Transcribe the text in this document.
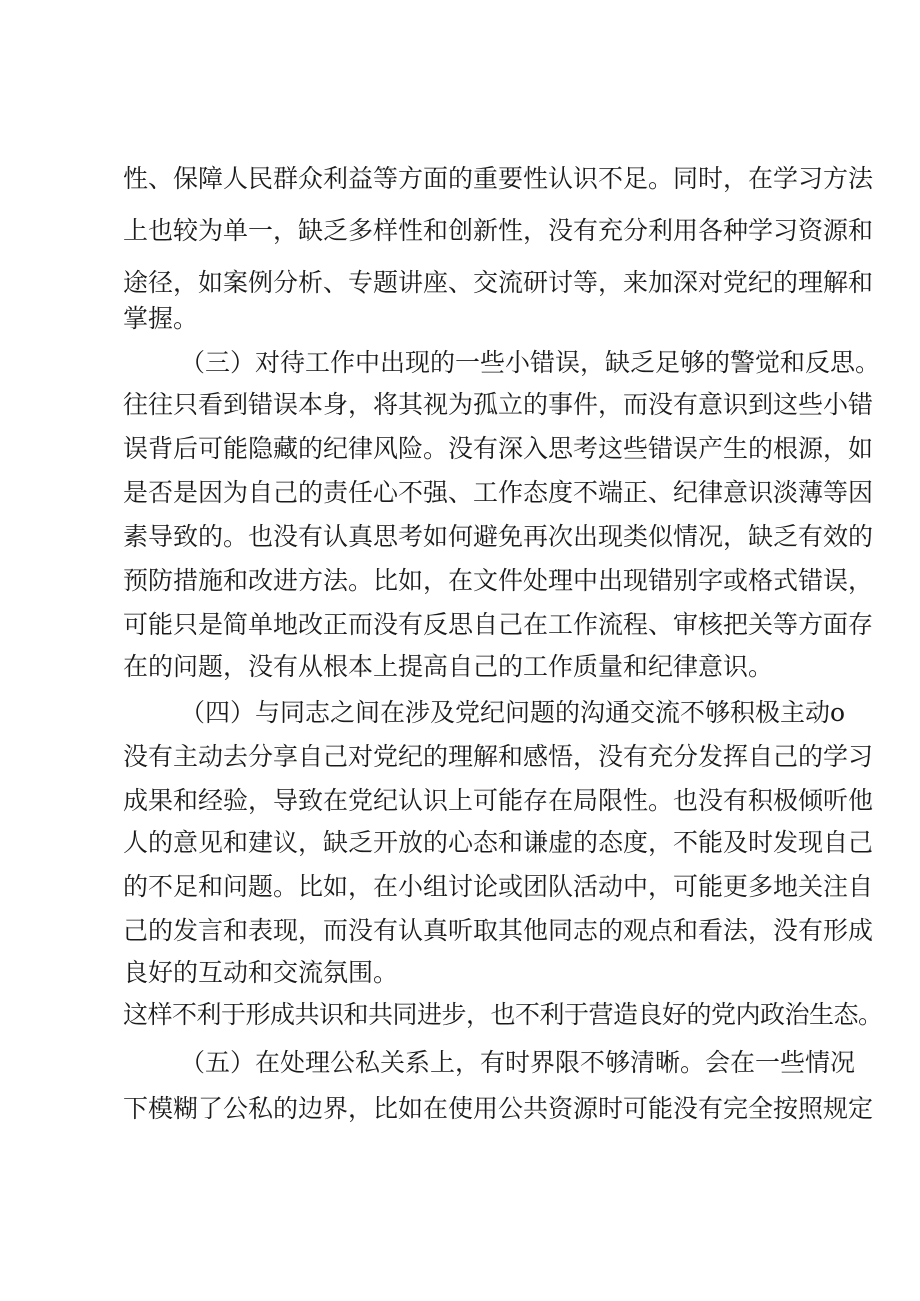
性、保障人民群众利益等方面的重要性认识不足。同时，在学习方法
上也较为单一，缺乏多样性和创新性，没有充分利用各种学习资源和
途径，如案例分析、专题讲座、交流研讨等，来加深对党纪的理解和
掌握。
（三）对待工作中出现的一些小错误，缺乏足够的警觉和反思。
往往只看到错误本身，将其视为孤立的事件，而没有意识到这些小错
误背后可能隐藏的纪律风险。没有深入思考这些错误产生的根源，如
是否是因为自己的责任心不强、工作态度不端正、纪律意识淡薄等因
素导致的。也没有认真思考如何避免再次出现类似情况，缺乏有效的
预防措施和改进方法。比如，在文件处理中出现错别字或格式错误，
可能只是简单地改正而没有反思自己在工作流程、审核把关等方面存
在的问题，没有从根本上提高自己的工作质量和纪律意识。
（四）与同志之间在涉及党纪问题的沟通交流不够积极主动o
没有主动去分享自己对党纪的理解和感悟，没有充分发挥自己的学习
成果和经验，导致在党纪认识上可能存在局限性。也没有积极倾听他
人的意见和建议，缺乏开放的心态和谦虚的态度，不能及时发现自己
的不足和问题。比如，在小组讨论或团队活动中，可能更多地关注自
己的发言和表现，而没有认真听取其他同志的观点和看法，没有形成
良好的互动和交流氛围。
这样不利于形成共识和共同进步，也不利于营造良好的党内政治生态。
（五）在处理公私关系上，有时界限不够清晰。会在一些情况
下模糊了公私的边界，比如在使用公共资源时可能没有完全按照规定
